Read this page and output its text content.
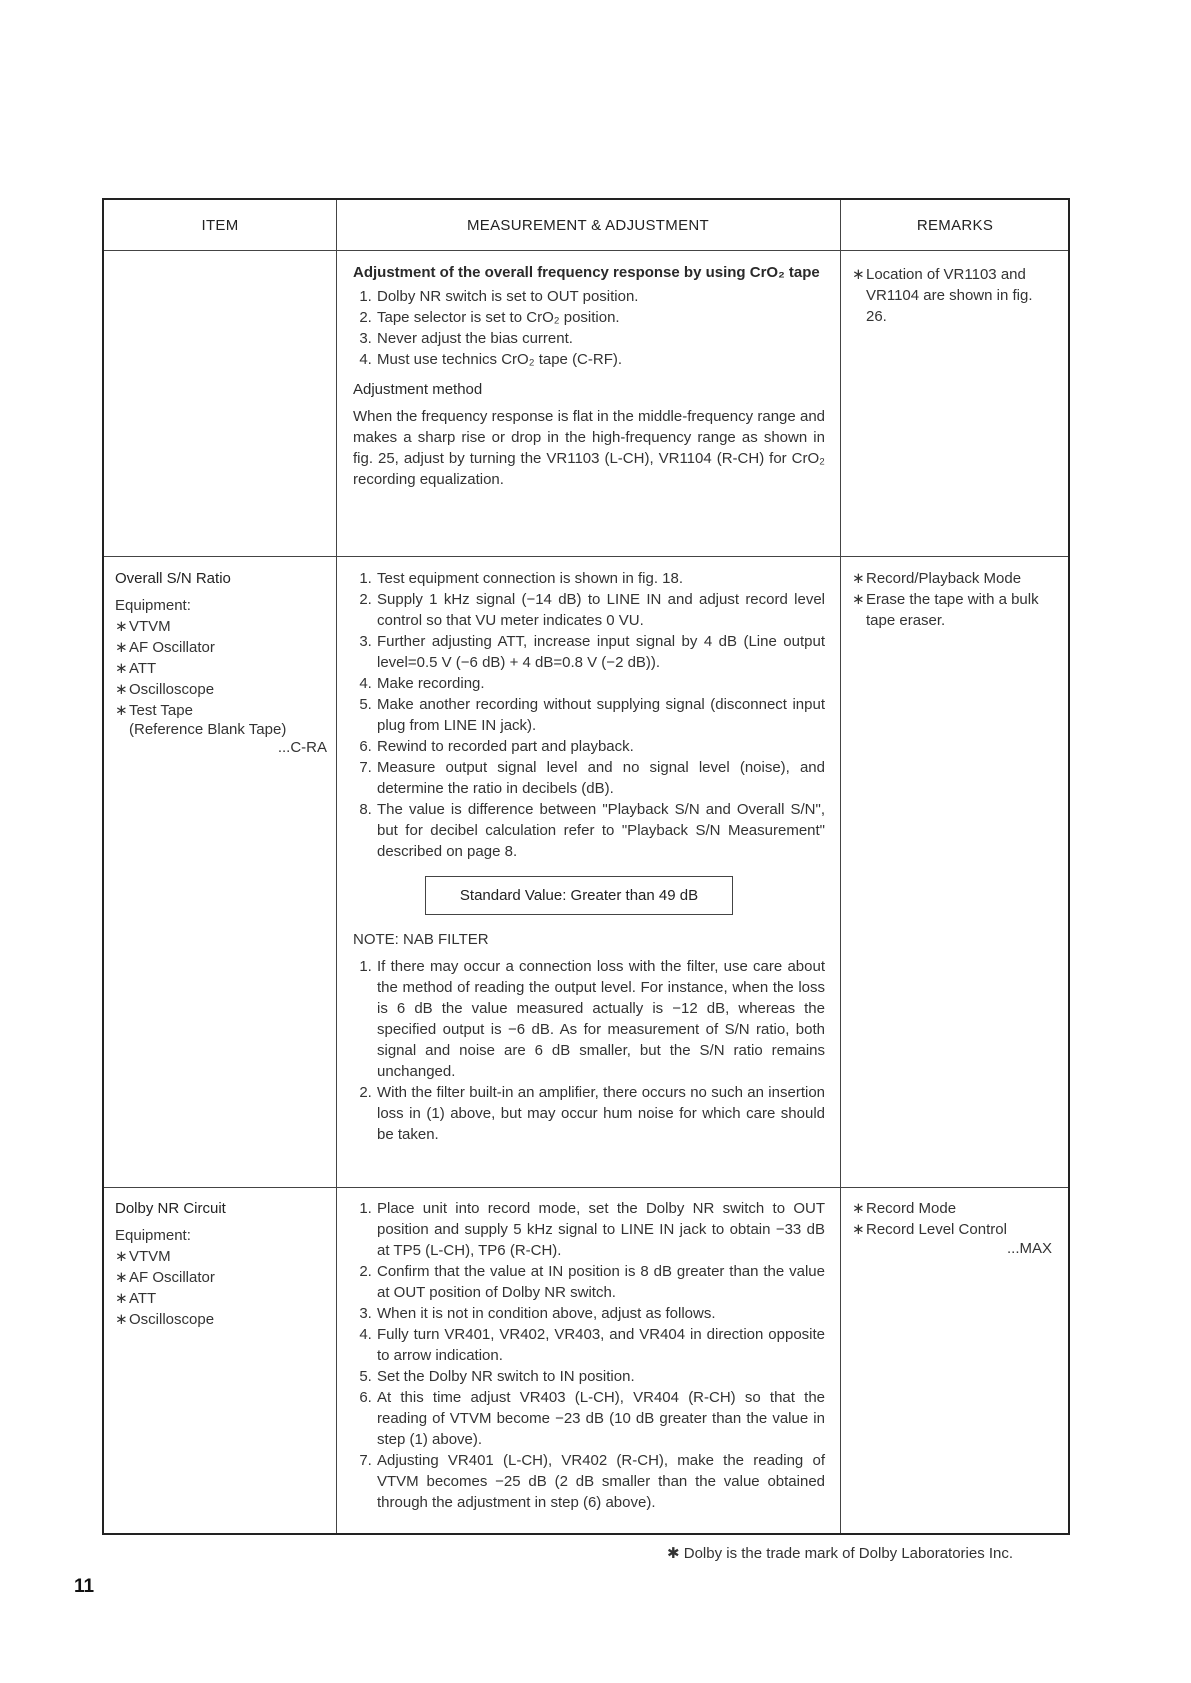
ITEM	MEASUREMENT & ADJUSTMENT	REMARKS
Adjustment of the overall frequency response by using CrO₂ tape
1. Dolby NR switch is set to OUT position.
2. Tape selector is set to CrO₂ position.
3. Never adjust the bias current.
4. Must use technics CrO₂ tape (C-RF).
Adjustment method
When the frequency response is flat in the middle-frequency range and makes a sharp rise or drop in the high-frequency range as shown in fig. 25, adjust by turning the VR1103 (L-CH), VR1104 (R-CH) for CrO₂ recording equalization.
∗ Location of VR1103 and VR1104 are shown in fig. 26.
Overall S/N Ratio
Equipment:
∗ VTVM
∗ AF Oscillator
∗ ATT
∗ Oscilloscope
∗ Test Tape
(Reference Blank Tape)
...C-RA
1. Test equipment connection is shown in fig. 18.
2. Supply 1 kHz signal (−14 dB) to LINE IN and adjust record level control so that VU meter indicates 0 VU.
3. Further adjusting ATT, increase input signal by 4 dB (Line output level=0.5 V (−6 dB) + 4 dB=0.8 V (−2 dB)).
4. Make recording.
5. Make another recording without supplying signal (disconnect input plug from LINE IN jack).
6. Rewind to recorded part and playback.
7. Measure output signal level and no signal level (noise), and determine the ratio in decibels (dB).
8. The value is difference between "Playback S/N and Overall S/N", but for decibel calculation refer to "Playback S/N Measurement" described on page 8.
Standard Value: Greater than 49 dB
NOTE: NAB FILTER
1. If there may occur a connection loss with the filter, use care about the method of reading the output level. For instance, when the loss is 6 dB the value measured actually is −12 dB, whereas the specified output is −6 dB. As for measurement of S/N ratio, both signal and noise are 6 dB smaller, but the S/N ratio remains unchanged.
2. With the filter built-in an amplifier, there occurs no such an insertion loss in (1) above, but may occur hum noise for which care should be taken.
∗ Record/Playback Mode
∗ Erase the tape with a bulk tape eraser.
Dolby NR Circuit
Equipment:
∗ VTVM
∗ AF Oscillator
∗ ATT
∗ Oscilloscope
1. Place unit into record mode, set the Dolby NR switch to OUT position and supply 5 kHz signal to LINE IN jack to obtain −33 dB at TP5 (L-CH), TP6 (R-CH).
2. Confirm that the value at IN position is 8 dB greater than the value at OUT position of Dolby NR switch.
3. When it is not in condition above, adjust as follows.
4. Fully turn VR401, VR402, VR403, and VR404 in direction opposite to arrow indication.
5. Set the Dolby NR switch to IN position.
6. At this time adjust VR403 (L-CH), VR404 (R-CH) so that the reading of VTVM become −23 dB (10 dB greater than the value in step (1) above).
7. Adjusting VR401 (L-CH), VR402 (R-CH), make the reading of VTVM becomes −25 dB (2 dB smaller than the value obtained through the adjustment in step (6) above).
∗ Record Mode
∗ Record Level Control
...MAX
✱ Dolby is the trade mark of Dolby Laboratories Inc.
11
